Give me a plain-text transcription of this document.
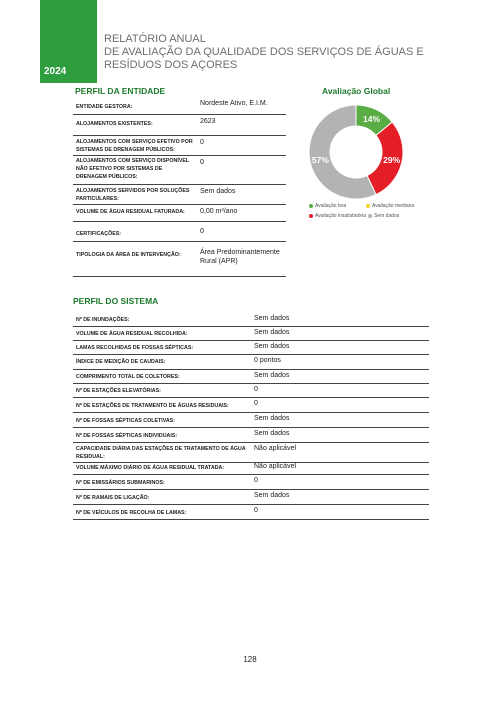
2024
RELATÓRIO ANUAL
DE AVALIAÇÃO DA QUALIDADE DOS SERVIÇOS DE ÁGUAS E
RESÍDUOS DOS AÇORES
PERFIL DA ENTIDADE
ENTIDADE GESTORA:	Nordeste Ativo, E.I.M.
ALOJAMENTOS EXISTENTES:	2623
ALOJAMENTOS COM SERVIÇO EFETIVO POR SISTEMAS DE DRENAGEM PÚBLICOS:
0
ALOJAMENTOS COM SERVIÇO DISPONÍVEL NÃO EFETIVO POR SISTEMAS DE DRENAGEM PÚBLICOS:
0
ALOJAMENTOS SERVIDOS POR SOLUÇÕES PARTICULARES:
Sem dados
VOLUME DE ÁGUA RESIDUAL FATURADA:	0,00 m³/ano
CERTIFICAÇÕES:	0
TIPOLOGIA DA ÁREA DE INTERVENÇÃO:	Área Predominantemente Rural (APR)
Avaliação Global
14%
29%
57%
Avaliação boa	Avaliação mediana
Avaliação insatisfatória	Sem dados
PERFIL DO SISTEMA
Nº DE INUNDAÇÕES:	Sem dados
VOLUME DE ÁGUA RESIDUAL RECOLHIDA:	Sem dados
LAMAS RECOLHIDAS DE FOSSAS SÉPTICAS:	Sem dados
ÍNDICE DE MEDIÇÃO DE CAUDAIS:	0 pontos
COMPRIMENTO TOTAL DE COLETORES:	Sem dados
Nº DE ESTAÇÕES ELEVATÓRIAS:	0
Nº DE ESTAÇÕES DE TRATAMENTO DE ÁGUAS RESIDUAIS:	0
Nº DE FOSSAS SÉPTICAS COLETIVAS:	Sem dados
Nº DE FOSSAS SÉPTICAS INDIVIDUAIS:	Sem dados
CAPACIDADE DIÁRIA DAS ESTAÇÕES DE TRATAMENTO DE ÁGUA RESIDUAL:
Não aplicável
VOLUME MÁXIMO DIÁRIO DE ÁGUA RESIDUAL TRATADA:	Não aplicável
Nº DE EMISSÁRIOS SUBMARINOS:	0
Nº DE RAMAIS DE LIGAÇÃO:	Sem dados
Nº DE VEÍCULOS DE RECOLHA DE LAMAS:	0
128
